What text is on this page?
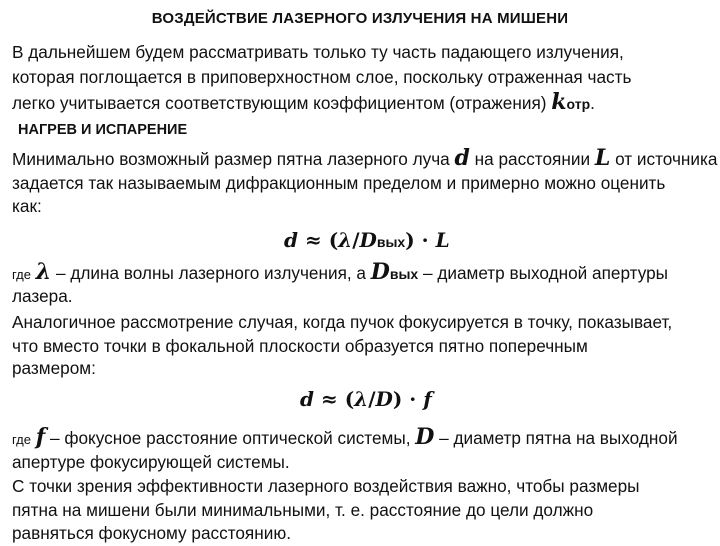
ВОЗДЕЙСТВИЕ ЛАЗЕРНОГО ИЗЛУЧЕНИЯ НА МИШЕНИ
В дальнейшем будем рассматривать только ту часть падающего излучения,
которая поглощается в приповерхностном слое, поскольку отраженная часть
легко учитывается соответствующим коэффициентом (отражения) kотр.
НАГРЕВ И ИСПАРЕНИЕ
Минимально возможный размер пятна лазерного луча d на расстоянии L от источника
задается так называемым дифракционным пределом и примерно можно оценить
как:
d ≈ (λ/Dвых) · L
где λ – длина волны лазерного излучения, а Dвых – диаметр выходной апертуры
лазера.
Аналогичное рассмотрение случая, когда пучок фокусируется в точку, показывает,
что вместо точки в фокальной плоскости образуется пятно поперечным
размером:
d ≈ (λ/D) · f
где f – фокусное расстояние оптической системы, D – диаметр пятна на выходной
апертуре фокусирующей системы.
С точки зрения эффективности лазерного воздействия важно, чтобы размеры
пятна на мишени были минимальными, т. е. расстояние до цели должно
равняться фокусному расстоянию.
